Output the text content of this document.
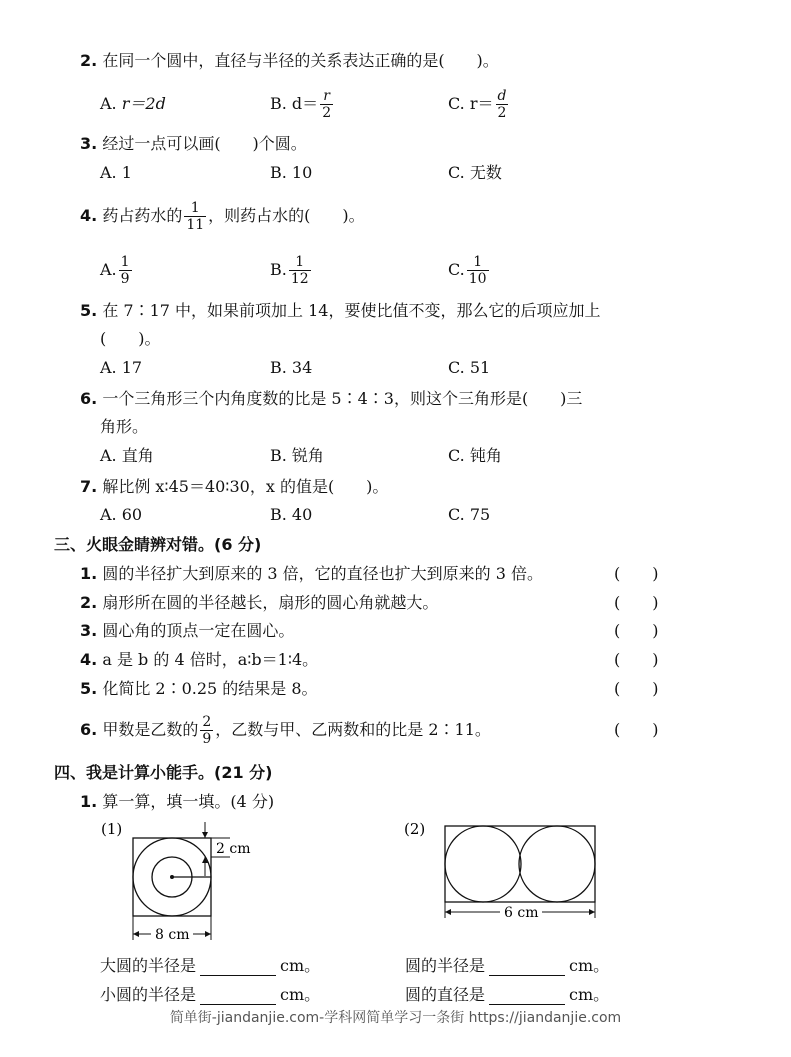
2. 在同一个圆中，直径与半径的关系表达正确的是(　　)。
A. r＝2d	B. $d= \frac{r}{2}$	C. $r= \frac{d}{2}$
3. 经过一点可以画(　　)个圆。
A. 1	B. 10	C. 无数
4. 药占药水的 $\frac{1}{11}$ ，则药占水的(　　)。
A. $\frac{1}{9}$	B. $\frac{1}{12}$	C. $\frac{1}{10}$
5. 在 7∶17 中，如果前项加上 14，要使比值不变，那么它的后项应加上
(　　)。
A. 17	B. 34	C. 51
6. 一个三角形三个内角度数的比是 5∶4∶3，则这个三角形是(　　)三
角形。
A. 直角	B. 锐角	C. 钝角
7. 解比例 x∶45＝40∶30，x 的值是(　　)。
A. 60	B. 40	C. 75
三、火眼金睛辨对错。(6 分)
1. 圆的半径扩大到原来的 3 倍，它的直径也扩大到原来的 3 倍。	(　　)
2. 扇形所在圆的半径越长，扇形的圆心角就越大。	(　　)
3. 圆心角的顶点一定在圆心。	(　　)
4. a 是 b 的 4 倍时，a∶b＝1∶4。	(　　)
5. 化简比 2∶0.25 的结果是 8。	(　　)
6. 甲数是乙数的 $\frac{2}{9}$ ，乙数与甲、乙两数和的比是 2∶11。	(　　)
四、我是计算小能手。(21 分)
1. 算一算，填一填。(4 分)
(1)
2 cm
8 cm
(2)
6 cm
大圆的半径是	cm。
小圆的半径是	cm。
圆的半径是	cm。
圆的直径是	cm。
简单街-jiandanjie.com-学科网简单学习一条街 https://jiandanjie.com
